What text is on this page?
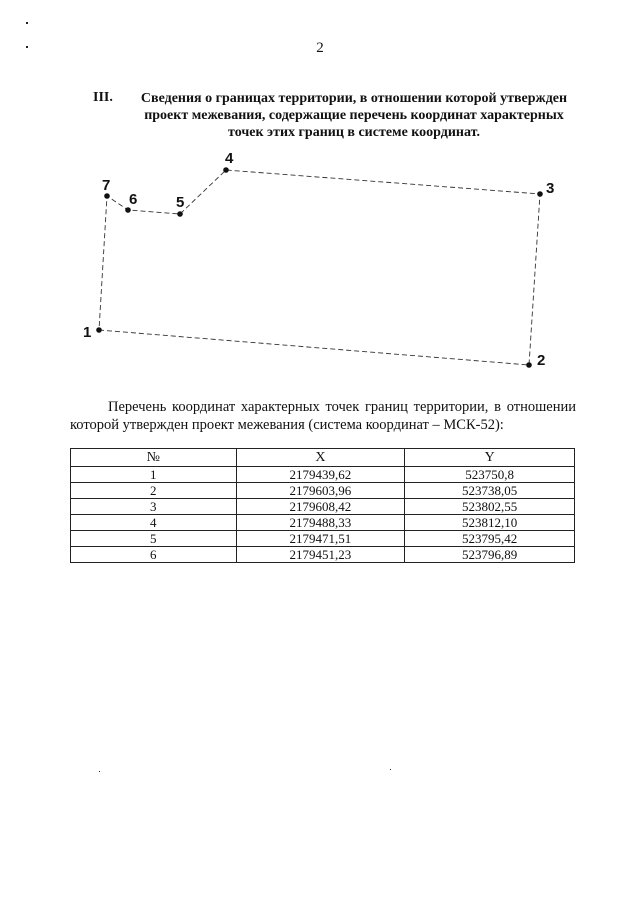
2
III.	Сведения о границах территории, в отношении которой утвержден проект межевания, содержащие перечень координат характерных точек этих границ в системе координат.
1
2
3
4
5
6
7
Перечень координат характерных точек границ территории, в отношении которой утвержден проект межевания (система координат – МСК-52):
№	X	Y
1	2179439,62	523750,8
2	2179603,96	523738,05
3	2179608,42	523802,55
4	2179488,33	523812,10
5	2179471,51	523795,42
6	2179451,23	523796,89
